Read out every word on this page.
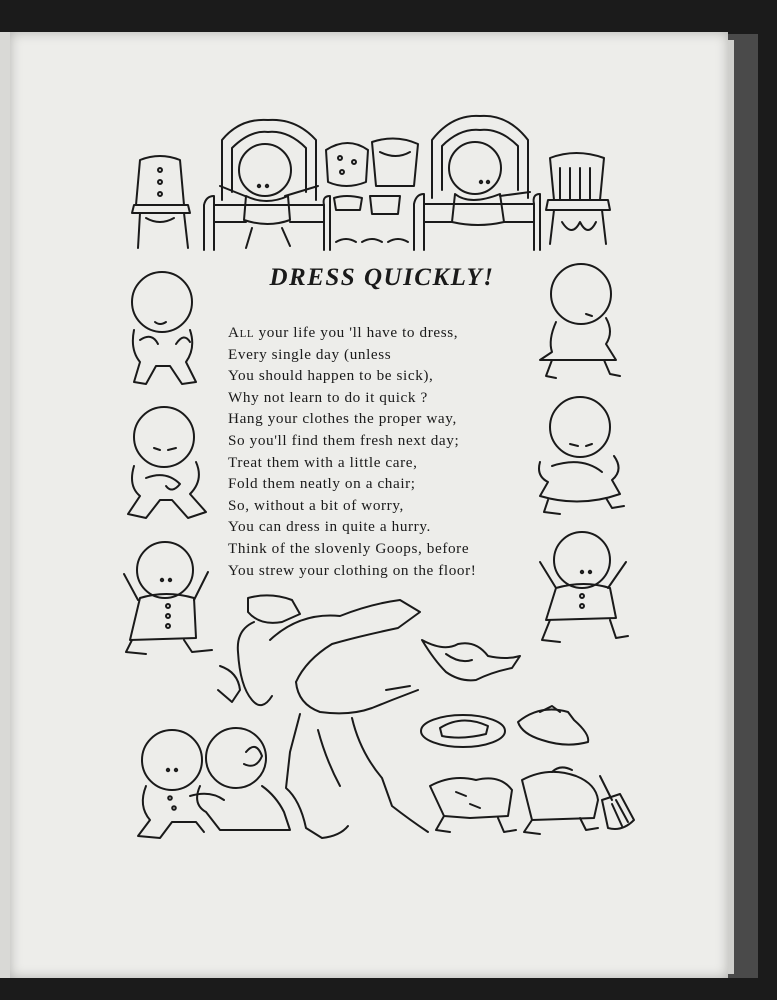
DRESS QUICKLY!
All your life you 'll have to dress,
Every single day (unless
You should happen to be sick),
Why not learn to do it quick ?
Hang your clothes the proper way,
So you'll find them fresh next day;
Treat them with a little care,
Fold them neatly on a chair;
So, without a bit of worry,
You can dress in quite a hurry.
Think of the slovenly Goops, before
You strew your clothing on the floor!
